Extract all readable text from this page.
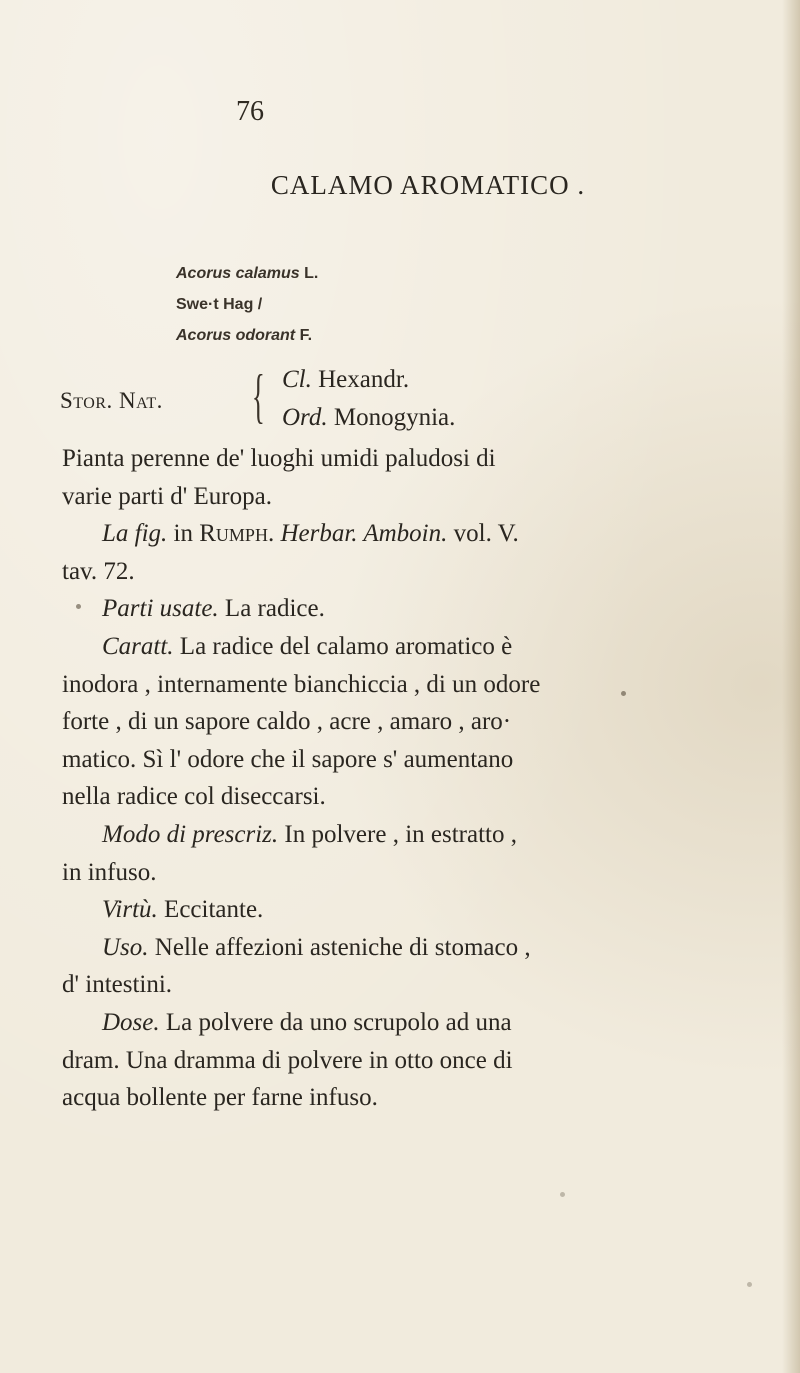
76
CALAMO AROMATICO .
Acorus calamus L.
Swe·t Hag /
Acorus odorant F.
Stor. Nat. { Cl. Hexandr.
Ord. Monogynia.

Pianta perenne de' luoghi umidi paludosi di
varie parti d' Europa.

La fig. in Rumph. Herbar. Amboin. vol. V.

tav. 72.

Parti usate. La radice.

Caratt. La radice del calamo aromatico è

inodora , internamente bianchiccia , di un odore
forte , di un sapore caldo , acre , amaro , aro·
matico. Sì l' odore che il sapore s' aumentano
nella radice col diseccarsi.

Modo di prescriz. In polvere , in estratto ,

in infuso.

Virtù. Eccitante.

Uso. Nelle affezioni asteniche di stomaco ,

d' intestini.

Dose. La polvere da uno scrupolo ad una

dram. Una dramma di polvere in otto once di
acqua bollente per farne infuso.
